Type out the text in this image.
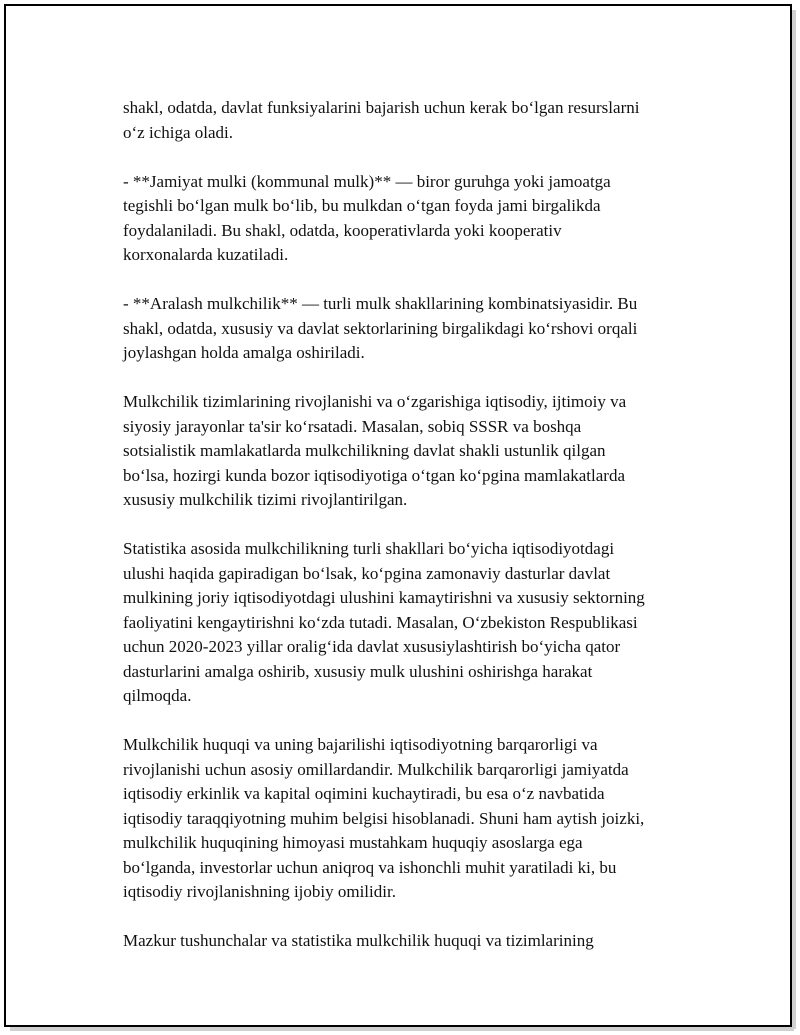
shakl, odatda, davlat funksiyalarini bajarish uchun kerak bo‘lgan resurslarni
o‘z ichiga oladi.

- **Jamiyat mulki (kommunal mulk)** — biror guruhga yoki jamoatga
tegishli bo‘lgan mulk bo‘lib, bu mulkdan o‘tgan foyda jami birgalikda
foydalaniladi. Bu shakl, odatda, kooperativlarda yoki kooperativ
korxonalarda kuzatiladi.

- **Aralash mulkchilik** — turli mulk shakllarining kombinatsiyasidir. Bu
shakl, odatda, xususiy va davlat sektorlarining birgalikdagi ko‘rshovi orqali
joylashgan holda amalga oshiriladi.

Mulkchilik tizimlarining rivojlanishi va o‘zgarishiga iqtisodiy, ijtimoiy va
siyosiy jarayonlar ta'sir ko‘rsatadi. Masalan, sobiq SSSR va boshqa
sotsialistik mamlakatlarda mulkchilikning davlat shakli ustunlik qilgan
bo‘lsa, hozirgi kunda bozor iqtisodiyotiga o‘tgan ko‘pgina mamlakatlarda
xususiy mulkchilik tizimi rivojlantirilgan.

Statistika asosida mulkchilikning turli shakllari bo‘yicha iqtisodiyotdagi
ulushi haqida gapiradigan bo‘lsak, ko‘pgina zamonaviy dasturlar davlat
mulkining joriy iqtisodiyotdagi ulushini kamaytirishni va xususiy sektorning
faoliyatini kengaytirishni ko‘zda tutadi. Masalan, O‘zbekiston Respublikasi
uchun 2020-2023 yillar oralig‘ida davlat xususiylashtirish bo‘yicha qator
dasturlarini amalga oshirib, xususiy mulk ulushini oshirishga harakat
qilmoqda.

Mulkchilik huquqi va uning bajarilishi iqtisodiyotning barqarorligi va
rivojlanishi uchun asosiy omillardandir. Mulkchilik barqarorligi jamiyatda
iqtisodiy erkinlik va kapital oqimini kuchaytiradi, bu esa o‘z navbatida
iqtisodiy taraqqiyotning muhim belgisi hisoblanadi. Shuni ham aytish joizki,
mulkchilik huquqining himoyasi mustahkam huquqiy asoslarga ega
bo‘lganda, investorlar uchun aniqroq va ishonchli muhit yaratiladi ki, bu
iqtisodiy rivojlanishning ijobiy omilidir.

Mazkur tushunchalar va statistika mulkchilik huquqi va tizimlarining
